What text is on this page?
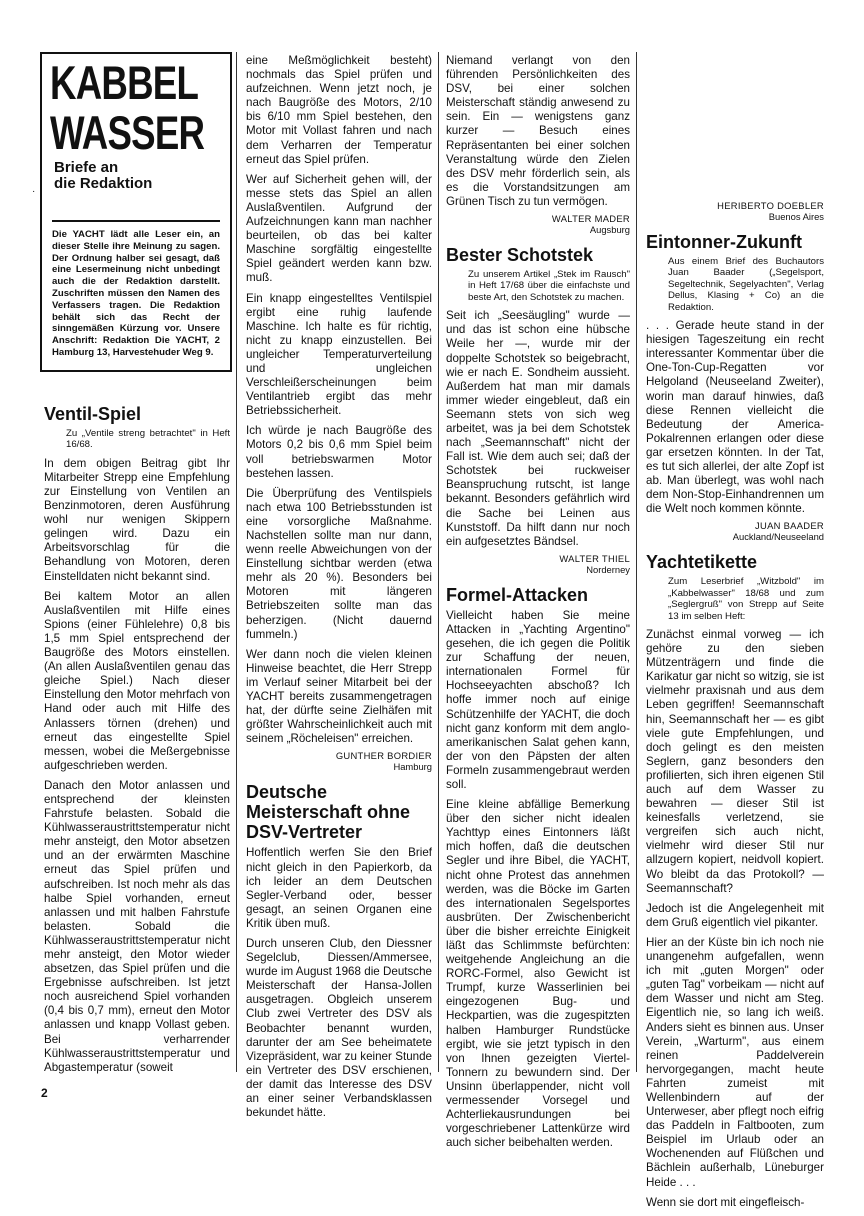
KABBEL
WASSER
Briefe an
die Redaktion
Die YACHT lädt alle Leser ein, an dieser Stelle ihre Meinung zu sagen. Der Ordnung halber sei gesagt, daß eine Lesermeinung nicht unbedingt auch die der Redaktion darstellt. Zuschriften müssen den Namen des Verfassers tragen. Die Redaktion behält sich das Recht der sinngemäßen Kürzung vor. Unsere Anschrift: Redaktion Die YACHT, 2 Hamburg 13, Harvestehuder Weg 9.
·
Ventil-Spiel
Zu „Ventile streng betrachtet" in Heft 16/68.

In dem obigen Beitrag gibt Ihr Mitarbeiter Strepp eine Empfehlung zur Einstellung von Ventilen an Benzinmotoren, deren Ausführung wohl nur wenigen Skippern gelingen wird. Dazu ein Arbeitsvorschlag für die Behandlung von Motoren, deren Einstelldaten nicht bekannt sind.

Bei kaltem Motor an allen Auslaßventilen mit Hilfe eines Spions (einer Fühlelehre) 0,8 bis 1,5 mm Spiel entsprechend der Baugröße des Motors einstellen. (An allen Auslaßventilen genau das gleiche Spiel.) Nach dieser Einstellung den Motor mehrfach von Hand oder auch mit Hilfe des Anlassers törnen (drehen) und erneut das eingestellte Spiel messen, wobei die Meßergebnisse aufgeschrieben werden.

Danach den Motor anlassen und entsprechend der kleinsten Fahrstufe belasten. Sobald die Kühlwasseraustrittstemperatur nicht mehr ansteigt, den Motor absetzen und an der erwärmten Maschine erneut das Spiel prüfen und aufschreiben. Ist noch mehr als das halbe Spiel vorhanden, erneut anlassen und mit halben Fahrstufe belasten. Sobald die Kühlwasseraustrittstemperatur nicht mehr ansteigt, den Motor wieder absetzen, das Spiel prüfen und die Ergebnisse aufschreiben. Ist jetzt noch ausreichend Spiel vorhanden (0,4 bis 0,7 mm), erneut den Motor anlassen und knapp Vollast geben. Bei verharrender Kühlwasseraustrittstemperatur und Abgastemperatur (soweit

eine Meßmöglichkeit besteht) nochmals das Spiel prüfen und aufzeichnen. Wenn jetzt noch, je nach Baugröße des Motors, 2/10 bis 6/10 mm Spiel bestehen, den Motor mit Vollast fahren und nach dem Verharren der Temperatur erneut das Spiel prüfen.

Wer auf Sicherheit gehen will, der messe stets das Spiel an allen Auslaßventilen. Aufgrund der Aufzeichnungen kann man nachher beurteilen, ob das bei kalter Maschine sorgfältig eingestellte Spiel geändert werden kann bzw. muß.

Ein knapp eingestelltes Ventilspiel ergibt eine ruhig laufende Maschine. Ich halte es für richtig, nicht zu knapp einzustellen. Bei ungleicher Temperaturverteilung und ungleichen Verschleißerscheinungen beim Ventilantrieb ergibt das mehr Betriebssicherheit.

Ich würde je nach Baugröße des Motors 0,2 bis 0,6 mm Spiel beim voll betriebswarmen Motor bestehen lassen.

Die Überprüfung des Ventilspiels nach etwa 100 Betriebsstunden ist eine vorsorgliche Maßnahme. Nachstellen sollte man nur dann, wenn reelle Abweichungen von der Einstellung sichtbar werden (etwa mehr als 20 %). Besonders bei Motoren mit längeren Betriebszeiten sollte man das beherzigen. (Nicht dauernd fummeln.)

Wer dann noch die vielen kleinen Hinweise beachtet, die Herr Strepp im Verlauf seiner Mitarbeit bei der YACHT bereits zusammengetragen hat, der dürfte seine Zielhäfen mit größter Wahrscheinlichkeit auch mit seinem „Röcheleisen" erreichen.

GUNTHER BORDIER
Hamburg
Deutsche Meisterschaft ohne DSV-Vertreter

Hoffentlich werfen Sie den Brief nicht gleich in den Papierkorb, da ich leider an dem Deutschen Segler-Verband oder, besser gesagt, an seinen Organen eine Kritik üben muß.

Durch unseren Club, den Diessner Segelclub, Diessen/Ammersee, wurde im August 1968 die Deutsche Meisterschaft der Hansa-Jollen ausgetragen. Obgleich unserem Club zwei Vertreter des DSV als Beobachter benannt wurden, darunter der am See beheimatete Vizepräsident, war zu keiner Stunde ein Vertreter des DSV erschienen, der damit das Interesse des DSV an einer seiner Verbandsklassen bekundet hätte.

Niemand verlangt von den führenden Persönlichkeiten des DSV, bei einer solchen Meisterschaft ständig anwesend zu sein. Ein — wenigstens ganz kurzer — Besuch eines Repräsentanten bei einer solchen Veranstaltung würde den Zielen des DSV mehr förderlich sein, als es die Vorstandsitzungen am Grünen Tisch zu tun vermögen.

WALTER MADER
Augsburg
Bester Schotstek
Zu unserem Artikel „Stek im Rausch" in Heft 17/68 über die einfachste und beste Art, den Schotstek zu machen.

Seit ich „Seesäugling" wurde — und das ist schon eine hübsche Weile her —, wurde mir der doppelte Schotstek so beigebracht, wie er nach E. Sondheim aussieht. Außerdem hat man mir damals immer wieder eingebleut, daß ein Seemann stets von sich weg arbeitet, was ja bei dem Schotstek nach „Seemannschaft" nicht der Fall ist. Wie dem auch sei; daß der Schotstek bei ruckweiser Beanspruchung rutscht, ist lange bekannt. Besonders gefährlich wird die Sache bei Leinen aus Kunststoff. Da hilft dann nur noch ein aufgesetztes Bändsel.

WALTER THIEL
Norderney
Formel-Attacken

Vielleicht haben Sie meine Attacken in „Yachting Argentino" gesehen, die ich gegen die Politik zur Schaffung der neuen, internationalen Formel für Hochseeyachten abschoß? Ich hoffe immer noch auf einige Schützenhilfe der YACHT, die doch nicht ganz konform mit dem anglo-amerikanischen Salat gehen kann, der von den Päpsten der alten Formeln zusammengebraut werden soll.

Eine kleine abfällige Bemerkung über den sicher nicht idealen Yachttyp eines Eintonners läßt mich hoffen, daß die deutschen Segler und ihre Bibel, die YACHT, nicht ohne Protest das annehmen werden, was die Böcke im Garten des internationalen Segelsportes ausbrüten. Der Zwischenbericht über die bisher erreichte Einigkeit läßt das Schlimmste befürchten: weitgehende Angleichung an die RORC-Formel, also Gewicht ist Trumpf, kurze Wasserlinien bei eingezogenen Bug- und Heckpartien, was die zugespitzten halben Hamburger Rundstücke ergibt, wie sie jetzt typisch in den von Ihnen gezeigten Viertel-Tonnern zu bewundern sind. Der Unsinn überlappender, nicht voll vermessender Vorsegel und Achterliekausrundungen bei vorgeschriebener Lattenkürze wird auch sicher beibehalten werden.

HERIBERTO DOEBLER
Buenos Aires
Eintonner-Zukunft
Aus einem Brief des Buchautors Juan Baader („Segelsport, Segeltechnik, Segelyachten", Verlag Dellus, Klasing + Co) an die Redaktion.

. . . Gerade heute stand in der hiesigen Tageszeitung ein recht interessanter Kommentar über die One-Ton-Cup-Regatten vor Helgoland (Neuseeland Zweiter), worin man darauf hinwies, daß diese Rennen vielleicht die Bedeutung der America-Pokalrennen erlangen oder diese gar ersetzen könnten. In der Tat, es tut sich allerlei, der alte Zopf ist ab. Man überlegt, was wohl nach dem Non-Stop-Einhandrennen um die Welt noch kommen könnte.

JUAN BAADER
Auckland/Neuseeland
Yachtetikette
Zum Leserbrief „Witzbold" im „Kabbelwasser" 18/68 und zum „Seglergruß" von Strepp auf Seite 13 im selben Heft:

Zunächst einmal vorweg — ich gehöre zu den sieben Mützenträgern und finde die Karikatur gar nicht so witzig, sie ist vielmehr praxisnah und aus dem Leben gegriffen! Seemannschaft hin, Seemannschaft her — es gibt viele gute Empfehlungen, und doch gelingt es den meisten Seglern, ganz besonders den profilierten, sich ihren eigenen Stil auch auf dem Wasser zu bewahren — dieser Stil ist keinesfalls verletzend, sie vergreifen sich auch nicht, vielmehr wird dieser Stil nur allzugern kopiert, neidvoll kopiert. Wo bleibt da das Protokoll? — Seemannschaft?

Jedoch ist die Angelegenheit mit dem Gruß eigentlich viel pikanter.

Hier an der Küste bin ich noch nie unangenehm aufgefallen, wenn ich mit „guten Morgen" oder „guten Tag" vorbeikam — nicht auf dem Wasser und nicht am Steg. Eigentlich nie, so lang ich weiß. Anders sieht es binnen aus. Unser Verein, „Warturm", aus einem reinen Paddelverein hervorgegangen, macht heute Fahrten zumeist mit Wellenbindern auf der Unterweser, aber pflegt noch eifrig das Paddeln in Faltbooten, zum Beispiel im Urlaub oder an Wochenenden auf Flüßchen und Bächlein außerhalb, Lüneburger Heide . . .

Wenn sie dort mit eingefleisch-

2
